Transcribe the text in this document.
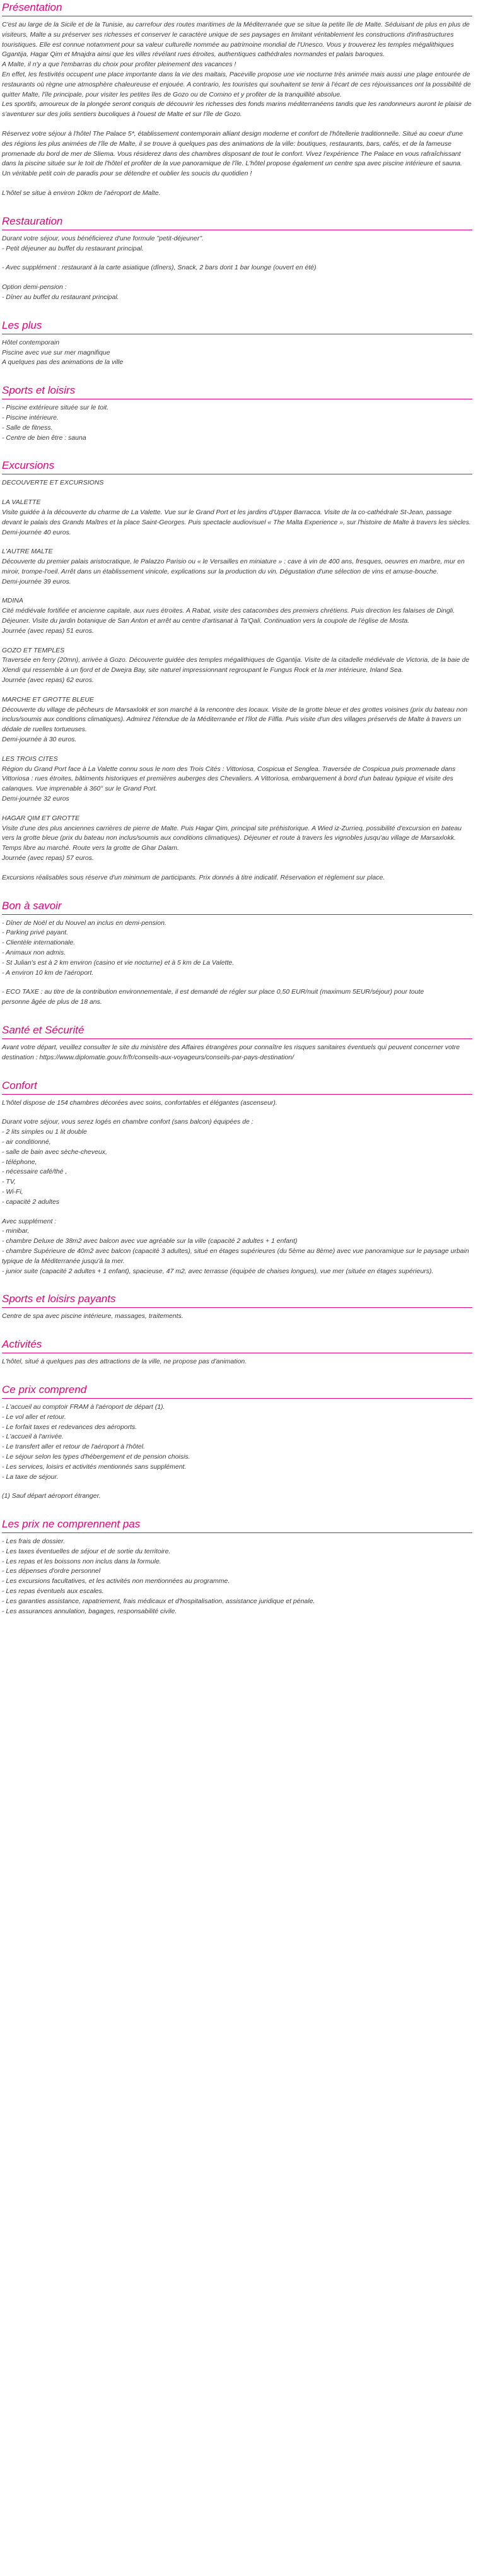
Présentation

C'est au large de la Sicile et de la Tunisie, au carrefour des routes maritimes de la Méditerranée que se situe la petite île de Malte. Séduisant de plus en plus de visiteurs, Malte a su préserver ses richesses et conserver le caractère unique de ses paysages en limitant véritablement les constructions d'infrastructures touristiques. Elle est connue notamment pour sa valeur culturelle nommée au patrimoine mondial de l'Unesco. Vous y trouverez les temples mégalithiques Ggantija, Hagar Qim et Mnajdra ainsi que les villes révélant rues étroites, authentiques cathédrales normandes et palais baroques.

A Malte, il n'y a que l'embarras du choix pour profiter pleinement des vacances !

En effet, les festivités occupent une place importante dans la vie des maltais, Paceville propose une vie nocturne très animée mais aussi une plage entourée de restaurants où règne une atmosphère chaleureuse et enjouée. A contrario, les touristes qui souhaitent se tenir à l'écart de ces réjouissances ont la possibilité de quitter Malte, l'île principale, pour visiter les petites îles de Gozo ou de Comino et y profiter de la tranquillité absolue.

Les sportifs, amoureux de la plongée seront conquis de découvrir les richesses des fonds marins méditerranéens tandis que les randonneurs auront le plaisir de s'aventurer sur des jolis sentiers bucoliques à l'ouest de Malte et sur l'île de Gozo.

Réservez votre séjour à l'hôtel The Palace 5*, établissement contemporain alliant design moderne et confort de l'hôtellerie traditionnelle. Situé au coeur d'une des régions les plus animées de l'île de Malte, il se trouve à quelques pas des animations de la ville: boutiques, restaurants, bars, cafés, et de la fameuse promenade du bord de mer de Sliema. Vous résiderez dans des chambres disposant de tout le confort. Vivez l'expérience The Palace en vous rafraîchissant dans la piscine située sur le toit de l'hôtel et profiter de la vue panoramique de l'île. L'hôtel propose également un centre spa avec piscine intérieure et sauna. Un véritable petit coin de paradis pour se détendre et oublier les soucis du quotidien !

L'hôtel se situe à environ 10km de l'aéroport de Malte.

Restauration

Durant votre séjour, vous bénéficierez d'une formule "petit-déjeuner".

- Petit déjeuner au buffet du restaurant principal.

- Avec supplément : restaurant à la carte asiatique (dîners), Snack, 2 bars dont 1 bar lounge (ouvert en été)

Option demi-pension :

- Dîner au buffet du restaurant principal.

Les plus

Hôtel contemporain

Piscine avec vue sur mer magnifique

A quelques pas des animations de la ville

Sports et loisirs

- Piscine extérieure située sur le toit.

- Piscine intérieure.

- Salle de fitness.

- Centre de bien être : sauna

Excursions

DECOUVERTE ET EXCURSIONS

LA VALETTE

Visite guidée à la découverte du charme de La Valette. Vue sur le Grand Port et les jardins d'Upper Barracca. Visite de la co-cathédrale St-Jean, passage devant le palais des Grands Maîtres et la place Saint-Georges. Puis spectacle audiovisuel « The Malta Experience », sur l'histoire de Malte à travers les siècles.

Demi-journée 40 euros.

L'AUTRE MALTE

Découverte du premier palais aristocratique, le Palazzo Parisio ou « le Versailles en miniature » : cave à vin de 400 ans, fresques, oeuvres en marbre, mur en miroir, trompe-l'oeil. Arrêt dans un établissement vinicole, explications sur la production du vin. Dégustation d'une sélection de vins et amuse-bouche.

Demi-journée 39 euros.

MDINA

Cité médiévale fortifiée et ancienne capitale, aux rues étroites. A Rabat, visite des catacombes des premiers chrétiens. Puis direction les falaises de Dingli. Déjeuner. Visite du jardin botanique de San Anton et arrêt au centre d'artisanat à Ta'Qali. Continuation vers la coupole de l'église de Mosta.

Journée (avec repas) 51 euros.

GOZO ET TEMPLES

Traversée en ferry (20mn), arrivée à Gozo. Découverte guidée des temples mégalithiques de Ggantija. Visite de la citadelle médiévale de Victoria, de la baie de Xlendi qui ressemble à un fjord et de Dwejra Bay, site naturel impressionnant regroupant le Fungus Rock et la mer intérieure, Inland Sea.

Journée (avec repas) 62 euros.

MARCHE ET GROTTE BLEUE

Découverte du village de pêcheurs de Marsaxlokk et son marché à la rencontre des locaux. Visite de la grotte bleue et des grottes voisines (prix du bateau non inclus/soumis aux conditions climatiques). Admirez l'étendue de la Méditerranée et l'îlot de Filfla. Puis visite d'un des villages préservés de Malte à travers un dédale de ruelles tortueuses.

Demi-journée à 30 euros.

LES TROIS CITES

Région du Grand Port face à La Valette connu sous le nom des Trois Cités : Vittoriosa, Cospicua et Senglea. Traversée de Cospicua puis promenade dans Vittoriosa : rues étroites, bâtiments historiques et premières auberges des Chevaliers. A Vittoriosa, embarquement à bord d'un bateau typique et visite des calanques. Vue imprenable à 360° sur le Grand Port.

Demi-journée 32 euros

HAGAR QIM ET GROTTE

Visite d'une des plus anciennes carrières de pierre de Malte. Puis Hagar Qim, principal site préhistorique. A Wied iz-Zurrieq, possibilité d'excursion en bateau vers la grotte bleue (prix du bateau non inclus/soumis aux conditions climatiques). Déjeuner et route à travers les vignobles jusqu'au village de Marsaxlokk. Temps libre au marché. Route vers la grotte de Ghar Dalam.

Journée (avec repas) 57 euros.

Excursions réalisables sous réserve d'un minimum de participants. Prix donnés à titre indicatif. Réservation et règlement sur place.

Bon à savoir

- Dîner de Noël et du Nouvel an inclus en demi-pension.

- Parking privé payant.

- Clientèle internationale.

- Animaux non admis.

- St Julian's est à 2 km environ (casino et vie nocturne) et à 5 km de La Valette.

- A environ 10 km de l'aéroport.

- ECO TAXE : au titre de la contribution environnementale, il est demandé de régler sur place 0,50 EUR/nuit (maximum 5EUR/séjour) pour toute

personne âgée de plus de 18 ans.

Santé et Sécurité

Avant votre départ, veuillez consulter le site du ministère des Affaires étrangères pour connaître les risques sanitaires éventuels qui peuvent concerner votre destination : https://www.diplomatie.gouv.fr/fr/conseils-aux-voyageurs/conseils-par-pays-destination/

Confort

L'hôtel dispose de 154 chambres décorées avec soins, confortables et élégantes (ascenseur).

Durant votre séjour, vous serez logés en chambre confort (sans balcon) équipées de :

- 2 lits simples ou 1 lit double

- air conditionné,

- salle de bain avec sèche-cheveux,

- téléphone,

- nécessaire café/thé ,

- TV,

- Wi-Fi,

- capacité 2 adultes

Avec supplément :

- minibar,

- chambre Deluxe de 38m2 avec balcon avec vue agréable sur la ville (capacité 2 adultes + 1 enfant)

- chambre Supérieure de 40m2 avec balcon (capacité 3 adultes), situé en étages supérieures (du 5ème au 8ème) avec vue panoramique sur le paysage urbain typique de la Méditerranée jusqu'à la mer.

- junior suite (capacité 2 adultes + 1 enfant), spacieuse, 47 m2, avec terrasse (équipée de chaises longues), vue mer (située en étages supérieurs).

Sports et loisirs payants

Centre de spa avec piscine intérieure, massages, traitements.

Activités

L'hôtel, situé à quelques pas des attractions de la ville, ne propose pas d'animation.

Ce prix comprend

- L'accueil au comptoir FRAM à l'aéroport de départ (1).

- Le vol aller et retour.

- Le forfait taxes et redevances des aéroports.

- L'accueil à l'arrivée.

- Le transfert aller et retour de l'aéroport à l'hôtel.

- Le séjour selon les types d'hébergement et de pension choisis.

- Les services, loisirs et activités mentionnés sans supplément.

- La taxe de séjour.

(1) Sauf départ aéroport étranger.

Les prix ne comprennent pas

- Les frais de dossier.

- Les taxes éventuelles de séjour et de sortie du territoire.

- Les repas et les boissons non inclus dans la formule.

- Les dépenses d'ordre personnel

- Les excursions facultatives, et les activités non mentionnées au programme.

- Les repas éventuels aux escales.

- Les garanties assistance, rapatriement, frais médicaux et d'hospitalisation, assistance juridique et pénale.

- Les assurances annulation, bagages, responsabilité civile.
